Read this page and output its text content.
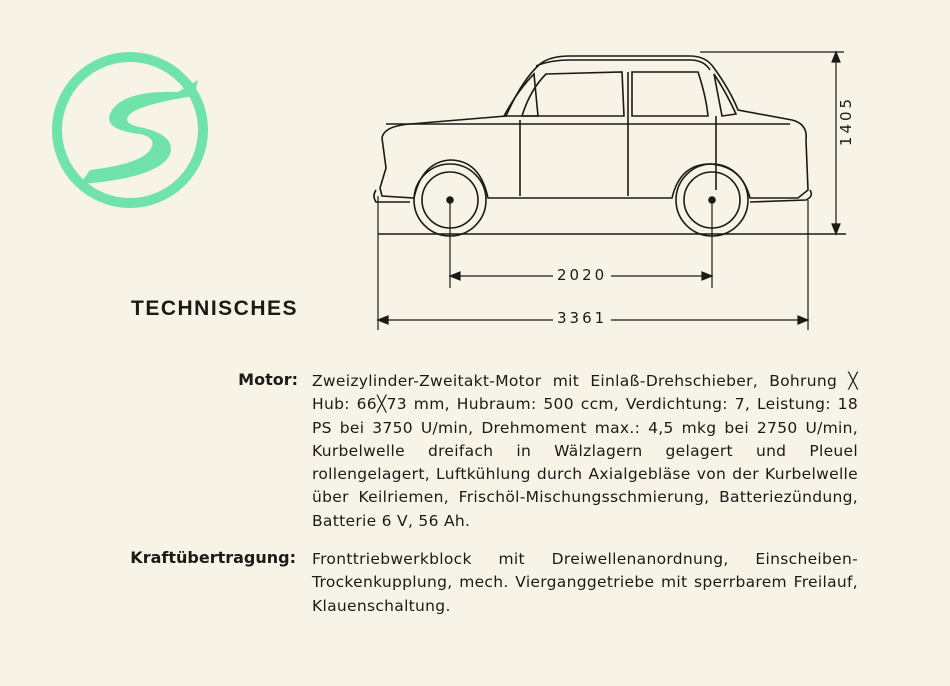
1405
2020
3361
TECHNISCHES
Motor: Zweizylinder-Zweitakt-Motor mit Einlaß-Drehschieber, Bohrung ╳ Hub: 66╳73 mm, Hubraum: 500 ccm, Verdichtung: 7, Leistung: 18 PS bei 3750 U/min, Drehmoment max.: 4,5 mkg bei 2750 U/min, Kurbelwelle dreifach in Wälzlagern gelagert und Pleuel rollengelagert, Luftkühlung durch Axialgebläse von der Kurbelwelle über Keilriemen, Frischöl-Mischungsschmierung, Batteriezündung, Batterie 6 V, 56 Ah.
Kraftübertragung: Fronttriebwerkblock mit Dreiwellenanordnung, Einscheiben-Trockenkupplung, mech. Vierganggetriebe mit sperrbarem Freilauf, Klauenschaltung.
